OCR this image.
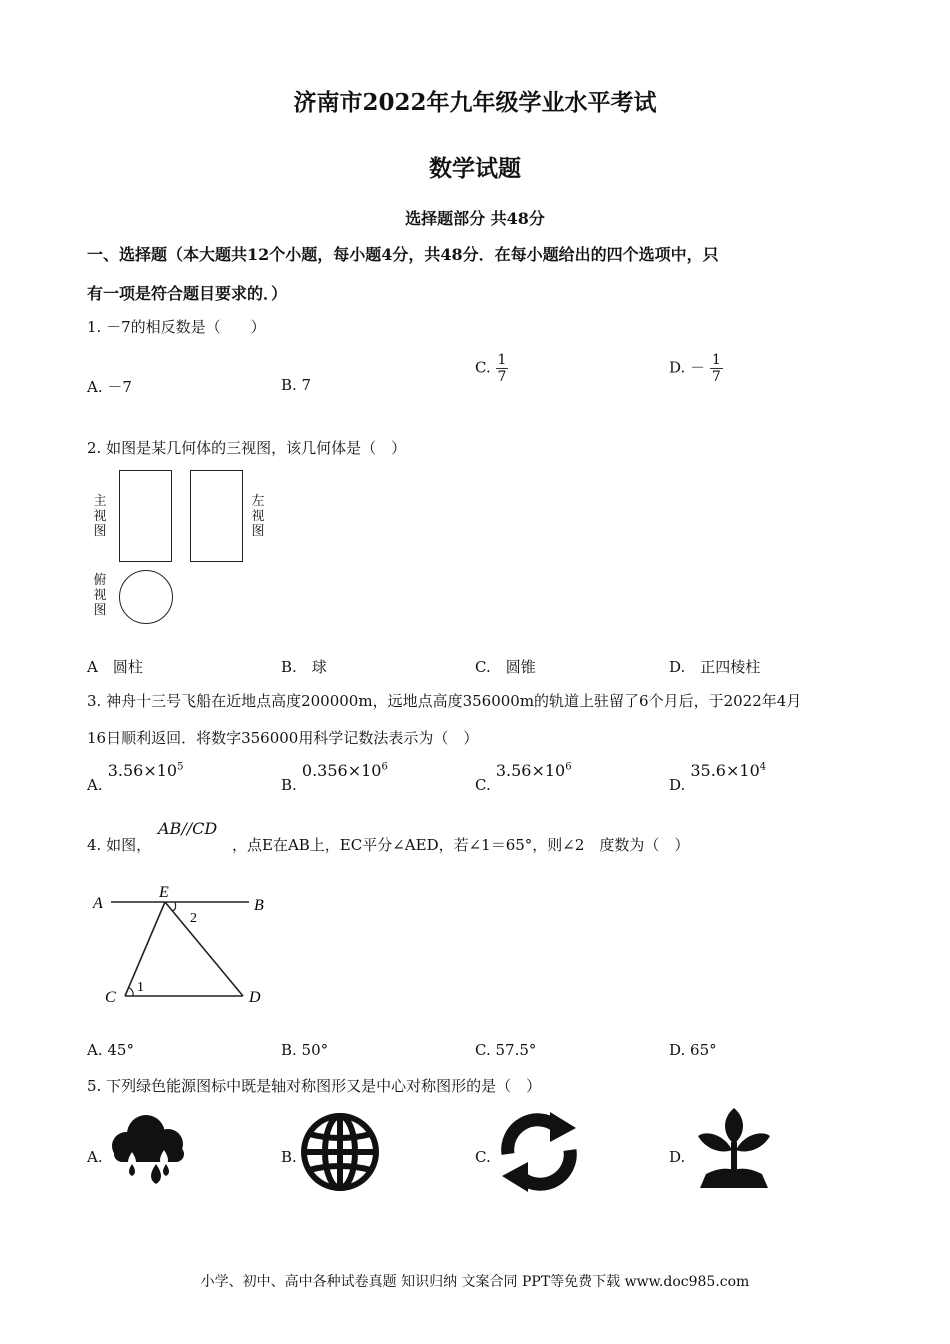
济南市2022年九年级学业水平考试
数学试题
选择题部分 共48分
一、选择题（本大题共12个小题，每小题4分，共48分．在每小题给出的四个选项中，只
有一项是符合题目要求的．）
1. －7的相反数是（　　）
A. －7	B. 7
C. $\frac{1}{7}$	D. － $\frac{1}{7}$
2. 如图是某几何体的三视图，该几何体是（　）
主
视
图
左
视
图
俯
视
图
A　圆柱	B.　球	C.　圆锥	D.　正四棱柱
3. 神舟十三号飞船在近地点高度200000m，远地点高度356000m的轨道上驻留了6个月后，于2022年4月
16日顺利返回．将数字356000用科学记数法表示为（　）
A. $3.56\times 10^5$
B. $0.356\times 10^6$
C. $3.56\times 10^6$
D. $35.6\times 10^4$
4. 如图，
AB//CD
，点E在AB上，EC平分∠AED，若∠1＝65°，则∠2　度数为（　）
A
E
B
C	D
2
1
A. 45°	B. 50°	C. 57.5°	D. 65°
5. 下列绿色能源图标中既是轴对称图形又是中心对称图形的是（　）
A.	B.	C.	D.
小学、初中、高中各种试卷真题 知识归纳 文案合同 PPT等免费下载 www.doc985.com
